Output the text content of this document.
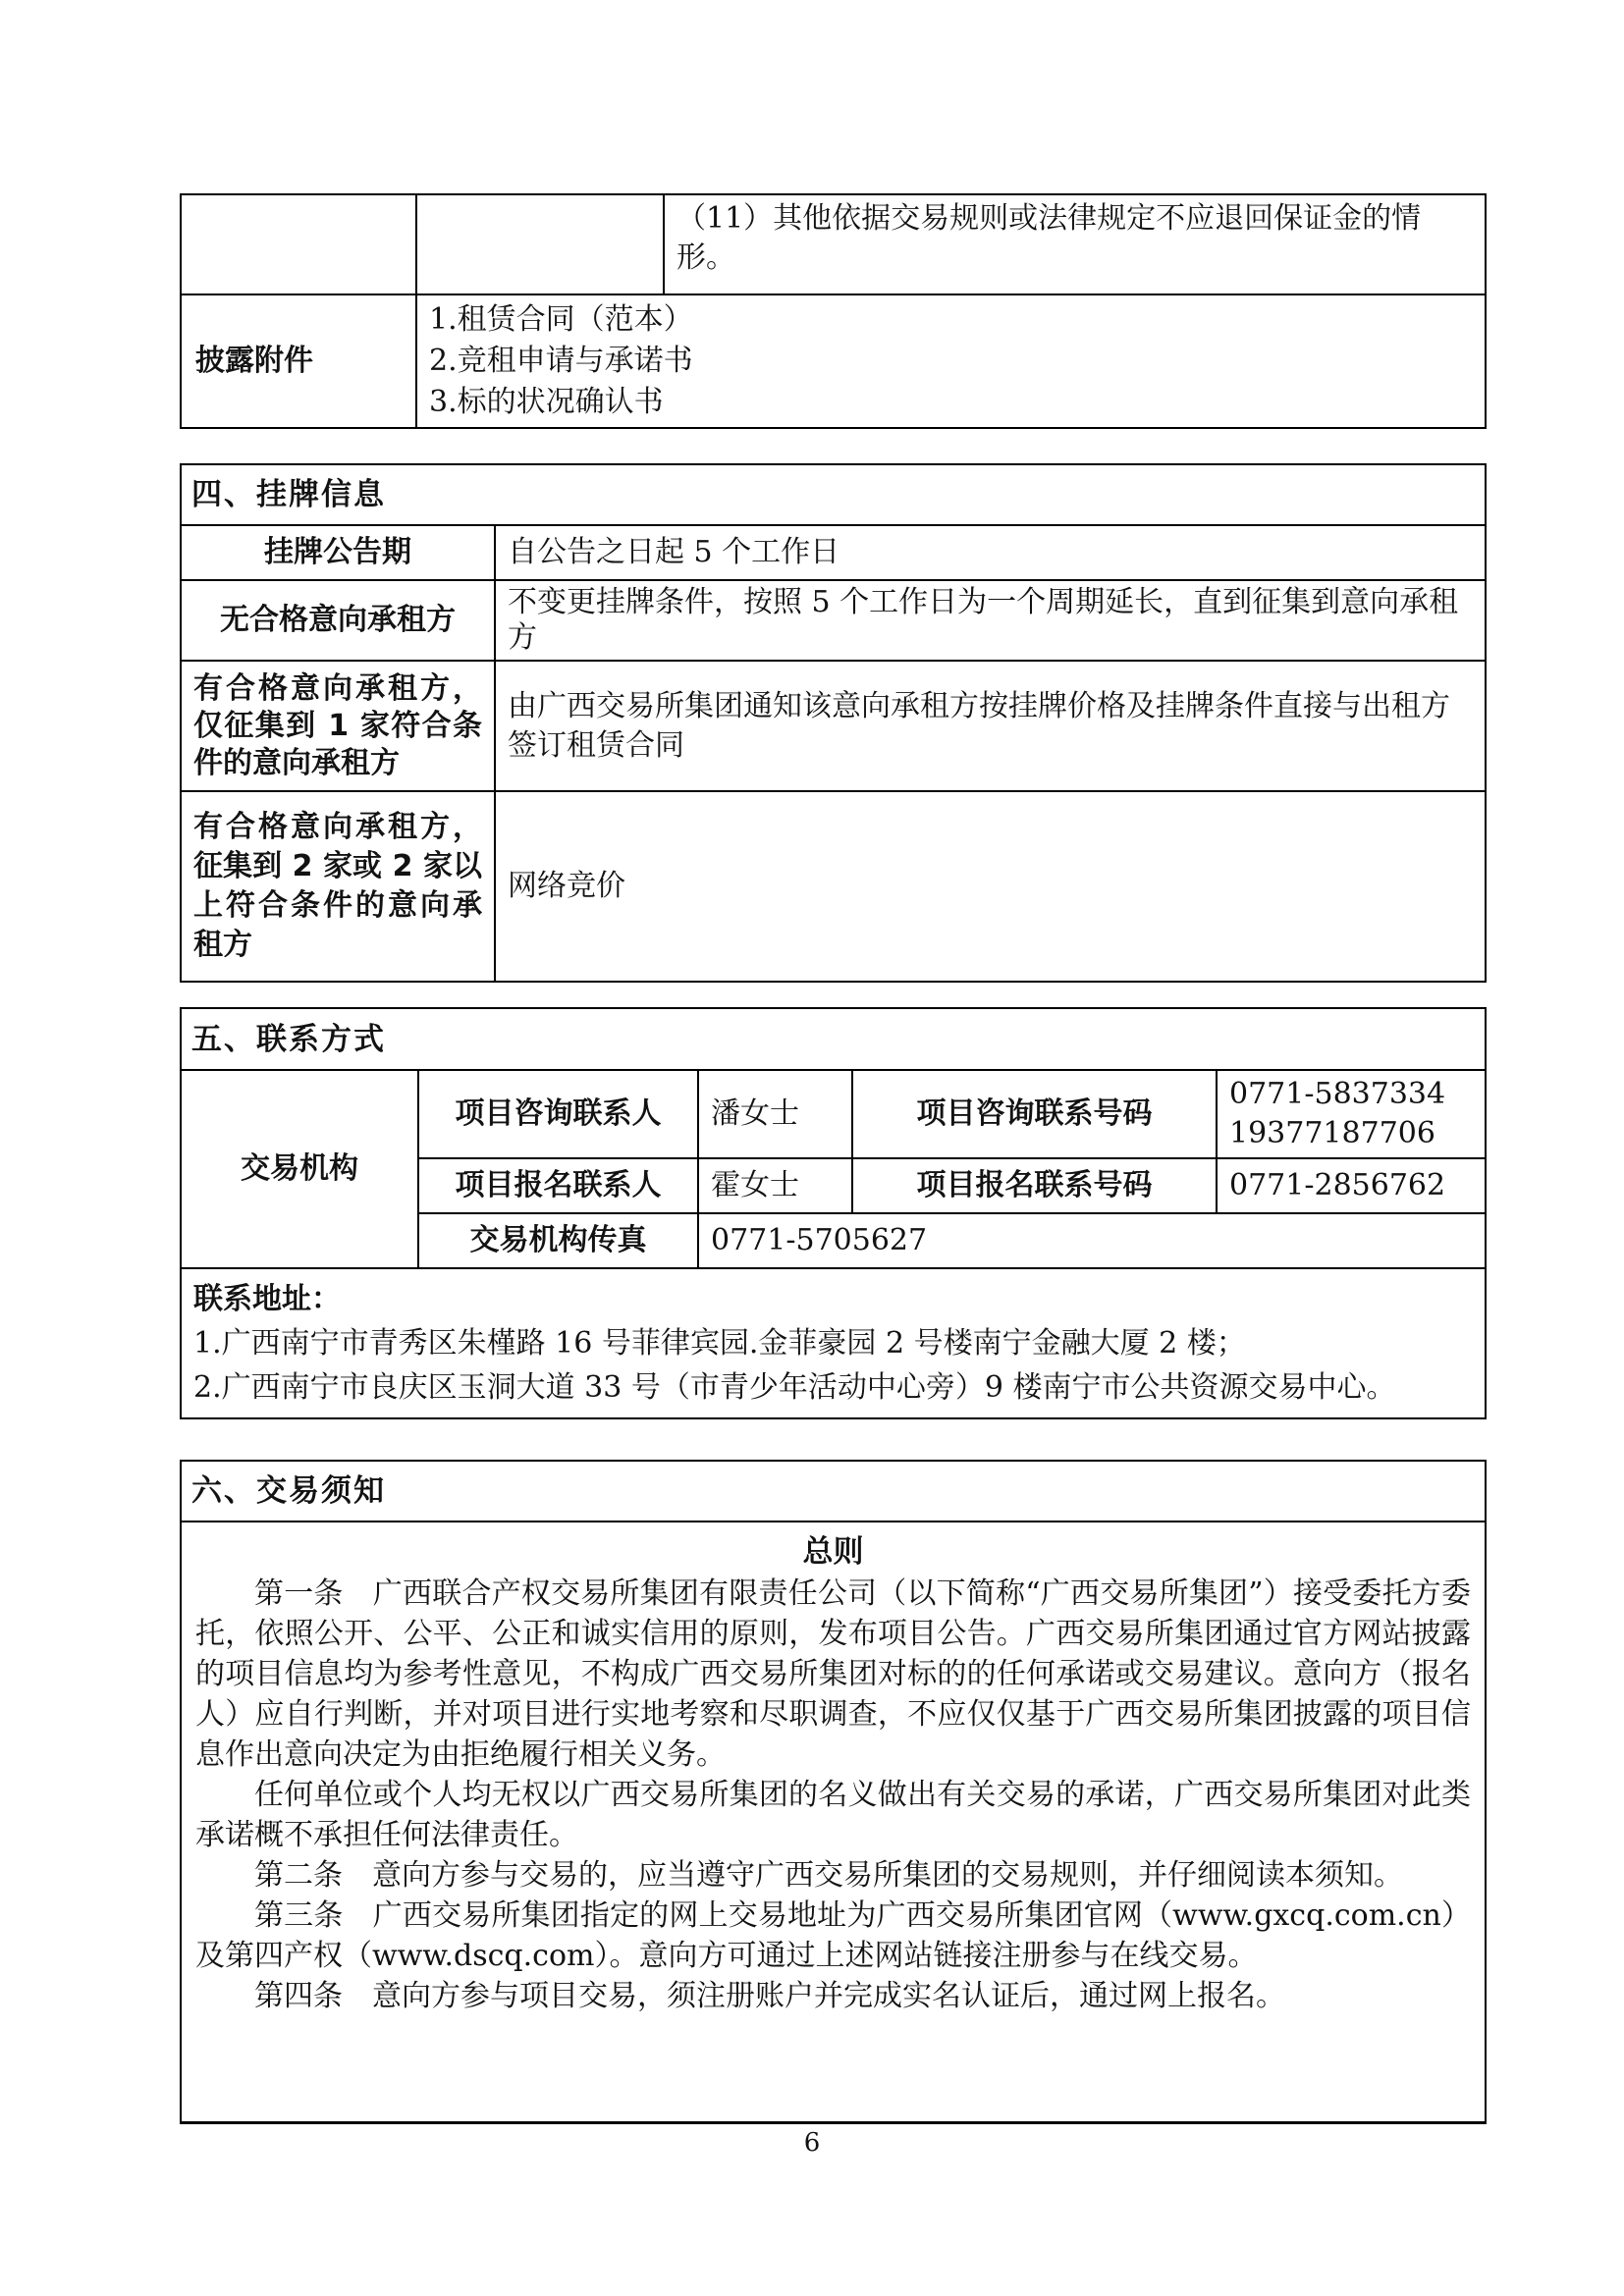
		（11）其他依据交易规则或法律规定不应退回保证金的情形。
披露附件	1.租赁合同（范本）
2.竞租申请与承诺书
3.标的状况确认书	
四、挂牌信息	
挂牌公告期	自公告之日起 5 个工作日
无合格意向承租方	不变更挂牌条件，按照 5 个工作日为一个周期延长，直到征集到意向承租方
有合格意向承租方，仅征集到 1 家符合条件的意向承租方	由广西交易所集团通知该意向承租方按挂牌价格及挂牌条件直接与出租方签订租赁合同
有合格意向承租方，征集到 2 家或 2 家以上符合条件的意向承租方	网络竞价
五、联系方式				
交易机构	项目咨询联系人	潘女士	项目咨询联系号码	0771-5837334
19377187706

	项目报名联系人	霍女士	项目报名联系号码	0771-2856762
	交易机构传真	0771-5705627		

联系地址：
1.广西南宁市青秀区朱槿路 16 号菲律宾园.金菲豪园 2 号楼南宁金融大厦 2 楼；
2.广西南宁市良庆区玉洞大道 33 号（市青少年活动中心旁）9 楼南宁市公共资源交易中心。				
六、交易须知

总则

第一条　广西联合产权交易所集团有限责任公司（以下简称“广西交易所集团”）接受委托方委托，依照公开、公平、公正和诚实信用的原则，发布项目公告。广西交易所集团通过官方网站披露的项目信息均为参考性意见，不构成广西交易所集团对标的的任何承诺或交易建议。意向方（报名人）应自行判断，并对项目进行实地考察和尽职调查，不应仅仅基于广西交易所集团披露的项目信息作出意向决定为由拒绝履行相关义务。

任何单位或个人均无权以广西交易所集团的名义做出有关交易的承诺，广西交易所集团对此类承诺概不承担任何法律责任。

第二条　意向方参与交易的，应当遵守广西交易所集团的交易规则，并仔细阅读本须知。

第三条　广西交易所集团指定的网上交易地址为广西交易所集团官网（www.gxcq.com.cn）及第四产权（www.dscq.com）。意向方可通过上述网站链接注册参与在线交易。

第四条　意向方参与项目交易，须注册账户并完成实名认证后，通过网上报名。

6
